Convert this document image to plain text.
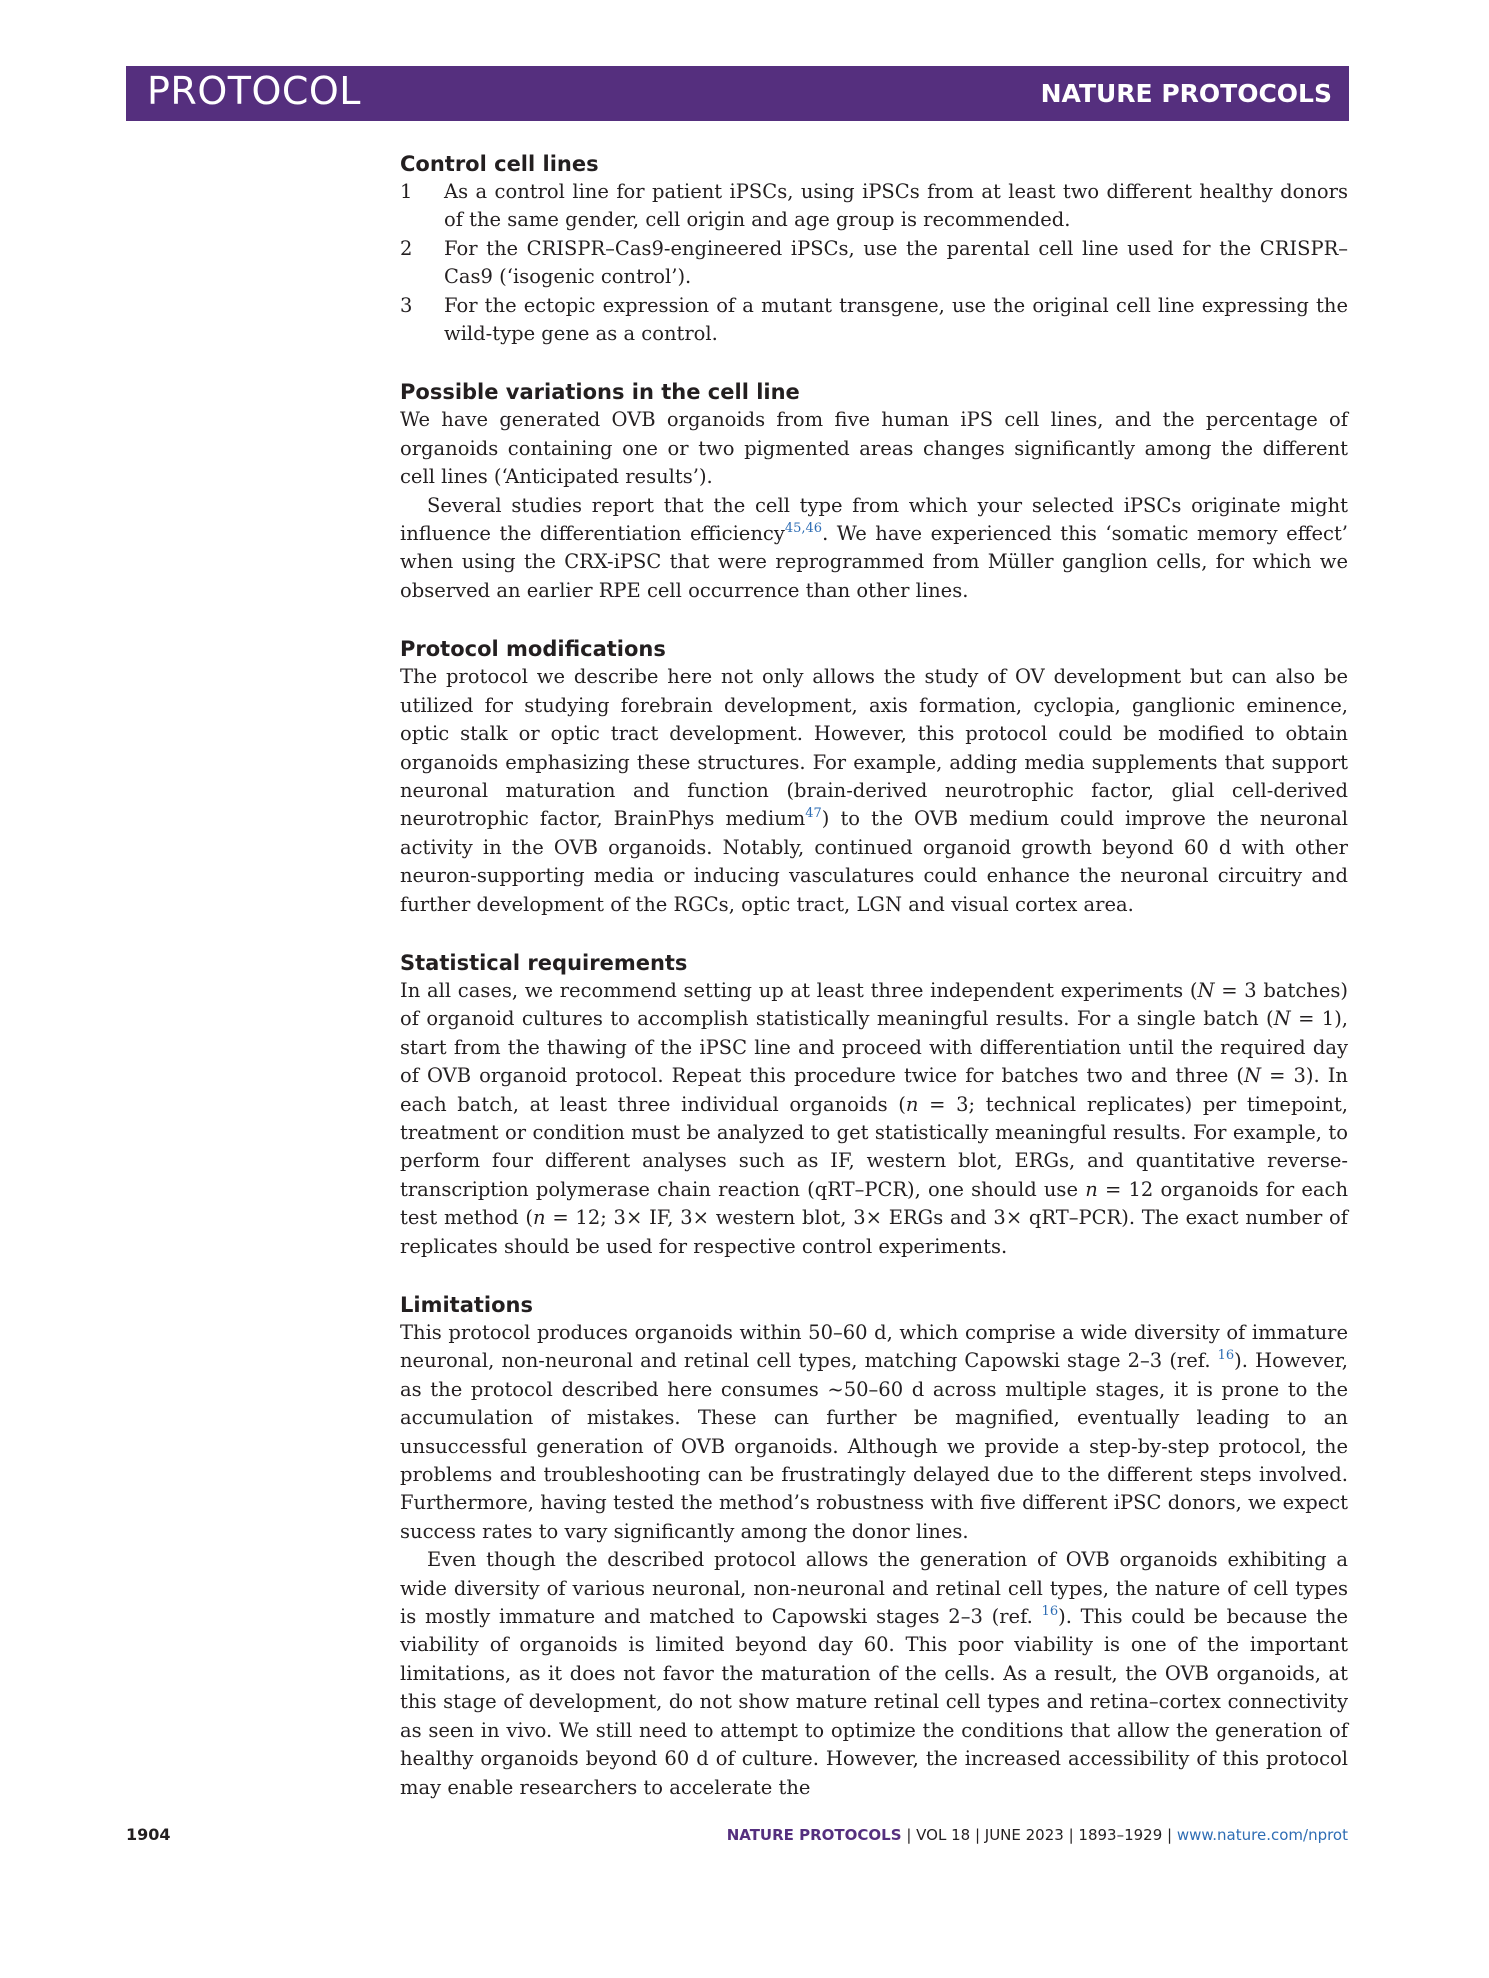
PROTOCOL	NATURE PROTOCOLS
Control cell lines
1 As a control line for patient iPSCs, using iPSCs from at least two different healthy donors of the same gender, cell origin and age group is recommended.
2 For the CRISPR–Cas9-engineered iPSCs, use the parental cell line used for the CRISPR–Cas9 (‘isogenic control’).
3 For the ectopic expression of a mutant transgene, use the original cell line expressing the wild-type gene as a control.
Possible variations in the cell line

We have generated OVB organoids from five human iPS cell lines, and the percentage of organoids containing one or two pigmented areas changes significantly among the different cell lines (‘Anticipated results’).

Several studies report that the cell type from which your selected iPSCs originate might influence the differentiation efficiency$^{45,46}$. We have experienced this ‘somatic memory effect’ when using the CRX-iPSC that were reprogrammed from Müller ganglion cells, for which we observed an earlier RPE cell occurrence than other lines.

Protocol modifications

The protocol we describe here not only allows the study of OV development but can also be utilized for studying forebrain development, axis formation, cyclopia, ganglionic eminence, optic stalk or optic tract development. However, this protocol could be modified to obtain organoids emphasizing these structures. For example, adding media supplements that support neuronal maturation and function (brain-derived neurotrophic factor, glial cell-derived neurotrophic factor, BrainPhys medium$^{47}$) to the OVB medium could improve the neuronal activity in the OVB organoids. Notably, continued organoid growth beyond 60 d with other neuron-supporting media or inducing vasculatures could enhance the neuronal circuitry and further development of the RGCs, optic tract, LGN and visual cortex area.

Statistical requirements

In all cases, we recommend setting up at least three independent experiments (N = 3 batches) of organoid cultures to accomplish statistically meaningful results. For a single batch (N = 1), start from the thawing of the iPSC line and proceed with differentiation until the required day of OVB organoid protocol. Repeat this procedure twice for batches two and three (N = 3). In each batch, at least three individual organoids (n = 3; technical replicates) per timepoint, treatment or condition must be analyzed to get statistically meaningful results. For example, to perform four different analyses such as IF, western blot, ERGs, and quantitative reverse-transcription polymerase chain reaction (qRT–PCR), one should use n = 12 organoids for each test method (n = 12; 3× IF, 3× western blot, 3× ERGs and 3× qRT–PCR). The exact number of replicates should be used for respective control experiments.

Limitations

This protocol produces organoids within 50–60 d, which comprise a wide diversity of immature neuronal, non-neuronal and retinal cell types, matching Capowski stage 2–3 (ref. $^{16}$). However, as the protocol described here consumes ~50–60 d across multiple stages, it is prone to the accumulation of mistakes. These can further be magnified, eventually leading to an unsuccessful generation of OVB organoids. Although we provide a step-by-step protocol, the problems and troubleshooting can be frustratingly delayed due to the different steps involved. Furthermore, having tested the method’s robustness with five different iPSC donors, we expect success rates to vary significantly among the donor lines.

Even though the described protocol allows the generation of OVB organoids exhibiting a wide diversity of various neuronal, non-neuronal and retinal cell types, the nature of cell types is mostly immature and matched to Capowski stages 2–3 (ref. $^{16}$). This could be because the viability of organoids is limited beyond day 60. This poor viability is one of the important limitations, as it does not favor the maturation of the cells. As a result, the OVB organoids, at this stage of development, do not show mature retinal cell types and retina–cortex connectivity as seen in vivo. We still need to attempt to optimize the conditions that allow the generation of healthy organoids beyond 60 d of culture. However, the increased accessibility of this protocol may enable researchers to accelerate the

1904	NATURE PROTOCOLS | VOL 18 | JUNE 2023 | 1893–1929 | www.nature.com/nprot
